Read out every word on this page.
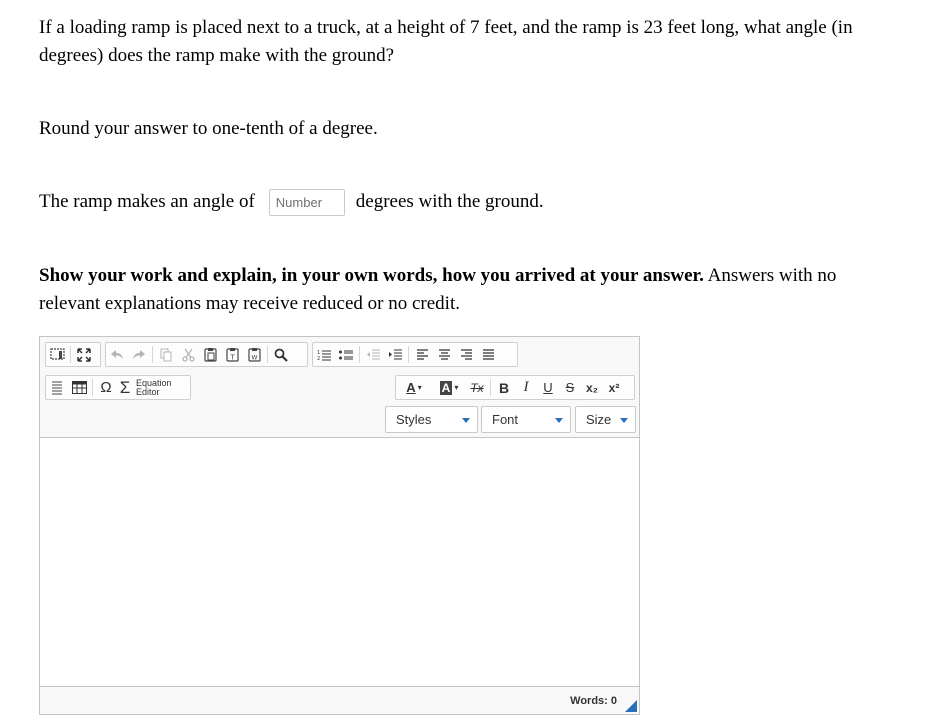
If a loading ramp is placed next to a truck, at a height of 7 feet, and the ramp is 23 feet long, what angle (in degrees) does the ramp make with the ground?
Round your answer to one-tenth of a degree.
The ramp makes an angle of	Number	degrees with the ground.
Show your work and explain, in your own words, how you arrived at your answer. Answers with no relevant explanations may receive reduced or no credit.
T	W
1
2
Ω Σ Equation
Editor	A ▾ A ▾ Tx	B I	U S x₂ x²
Styles	Font	Size
Words: 0
